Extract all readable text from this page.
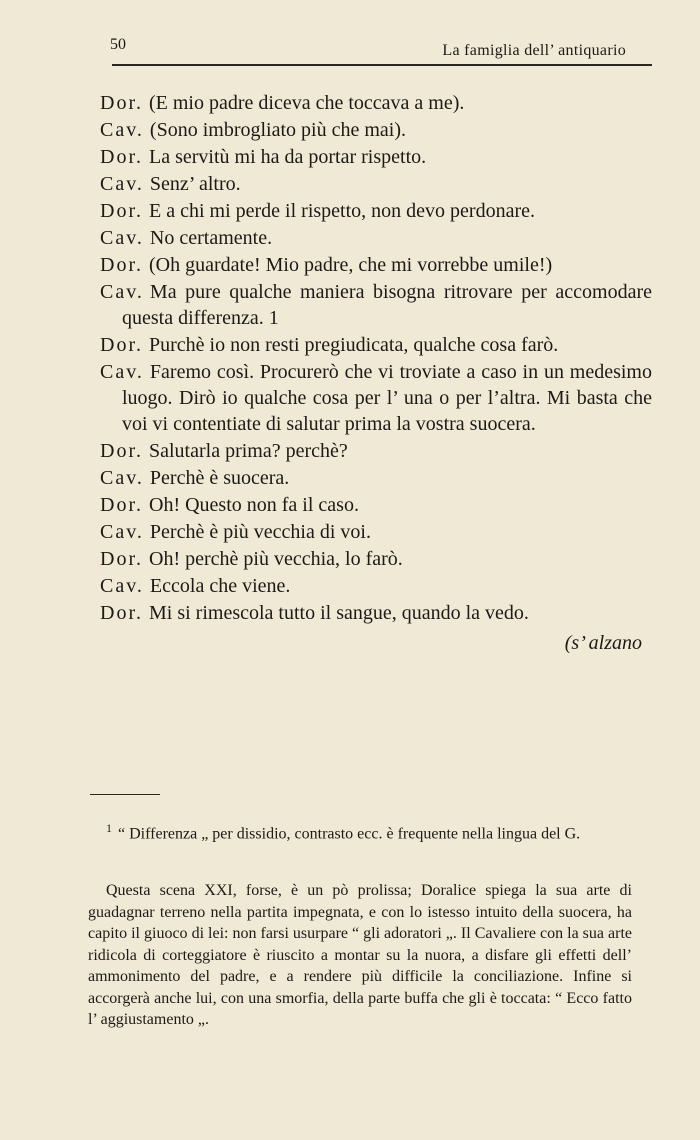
50	La famiglia dell’ antiquario

Dor. (E mio padre diceva che toccava a me).

Cav. (Sono imbrogliato più che mai).

Dor. La servitù mi ha da portar rispetto.

Cav. Senz’ altro.

Dor. E a chi mi perde il rispetto, non devo perdonare.

Cav. No certamente.

Dor. (Oh guardate! Mio padre, che mi vorrebbe umile!)

Cav. Ma pure qualche maniera bisogna ritrovare per accomodare questa differenza. 1

Dor. Purchè io non resti pregiudicata, qualche cosa farò.

Cav. Faremo così. Procurerò che vi troviate a caso in un medesimo luogo. Dirò io qualche cosa per l’ una o per l’altra. Mi basta che voi vi contentiate di salutar prima la vostra suocera.

Dor. Salutarla prima? perchè?

Cav. Perchè è suocera.

Dor. Oh! Questo non fa il caso.

Cav. Perchè è più vecchia di voi.

Dor. Oh! perchè più vecchia, lo farò.

Cav. Eccola che viene.

Dor. Mi si rimescola tutto il sangue, quando la vedo.

(s’ alzano
$^1$ “ Differenza „ per dissidio, contrasto ecc. è frequente nella lingua del G.
Questa scena XXI, forse, è un pò prolissa; Doralice spiega la sua arte di guadagnar terreno nella partita impegnata, e con lo istesso intuito della suocera, ha capito il giuoco di lei: non farsi usurpare “ gli adoratori „. Il Cavaliere con la sua arte ridicola di corteggiatore è riuscito a montar su la nuora, a disfare gli effetti dell’ ammonimento del padre, e a rendere più difficile la conciliazione. Infine si accorgerà anche lui, con una smorfia, della parte buffa che gli è toccata: “ Ecco fatto l’ aggiustamento „.
